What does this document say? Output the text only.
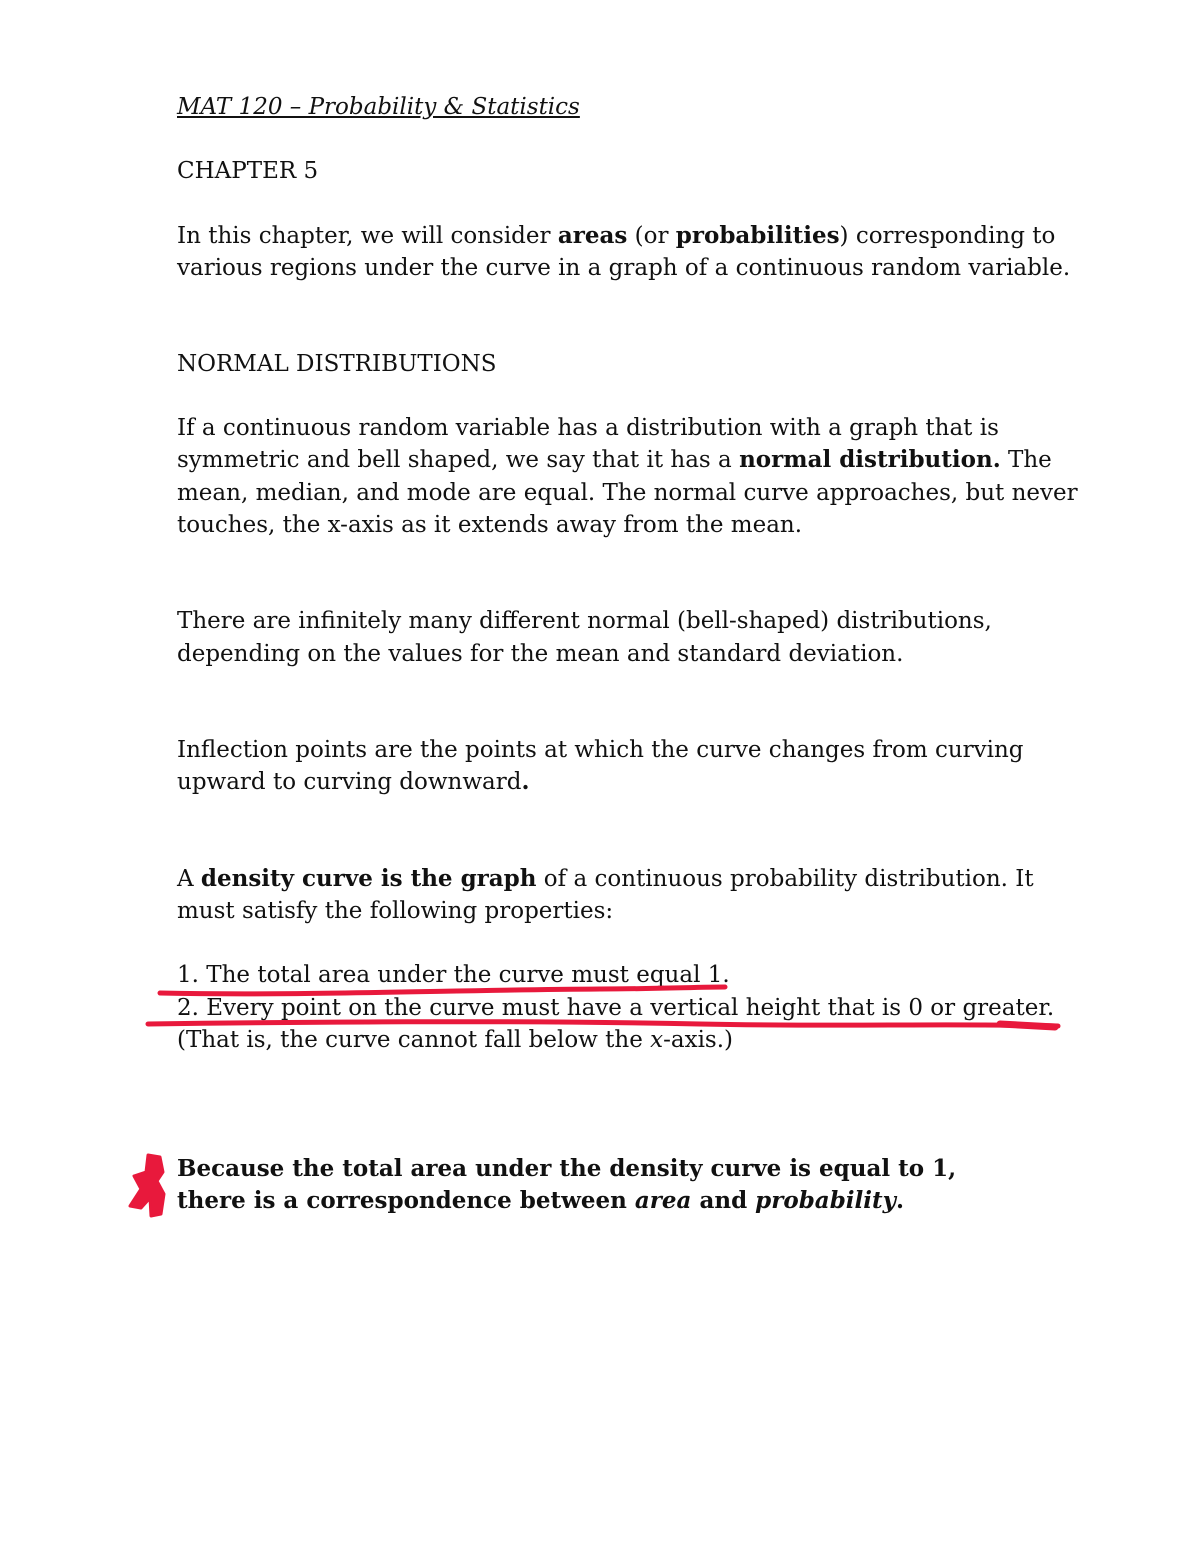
MAT 120 – Probability & Statistics
CHAPTER 5
In this chapter, we will consider areas (or probabilities) corresponding to
various regions under the curve in a graph of a continuous random variable.
NORMAL DISTRIBUTIONS
If a continuous random variable has a distribution with a graph that is
symmetric and bell shaped, we say that it has a normal distribution. The
mean, median, and mode are equal. The normal curve approaches, but never
touches, the x-axis as it extends away from the mean.
There are infinitely many different normal (bell-shaped) distributions,
depending on the values for the mean and standard deviation.
Inflection points are the points at which the curve changes from curving
upward to curving downward.
A density curve is the graph of a continuous probability distribution. It
must satisfy the following properties:
1. The total area under the curve must equal 1.
2. Every point on the curve must have a vertical height that is 0 or greater.
(That is, the curve cannot fall below the x-axis.)
Because the total area under the density curve is equal to 1,
there is a correspondence between area and probability.
